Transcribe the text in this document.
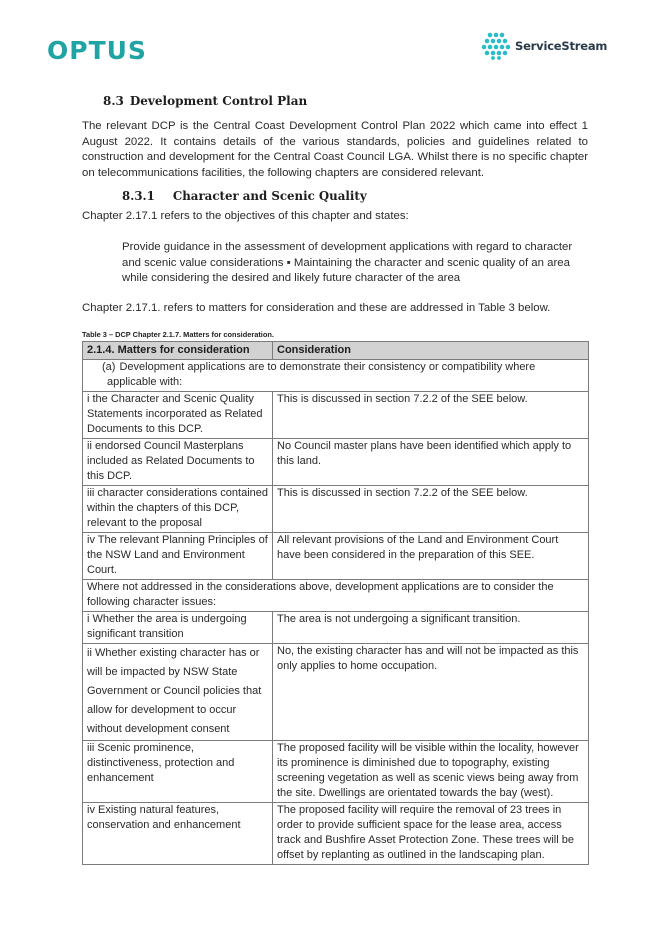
OPTUS	ServiceStream
8.3 Development Control Plan

The relevant DCP is the Central Coast Development Control Plan 2022 which came into effect 1 August 2022. It contains details of the various standards, policies and guidelines related to construction and development for the Central Coast Council LGA. Whilst there is no specific chapter on telecommunications facilities, the following chapters are considered relevant.

8.3.1 Character and Scenic Quality

Chapter 2.17.1 refers to the objectives of this chapter and states:

Provide guidance in the assessment of development applications with regard to character and scenic value considerations ▪ Maintaining the character and scenic quality of an area while considering the desired and likely future character of the area

Chapter 2.17.1. refers to matters for consideration and these are addressed in Table 3 below.

Table 3 – DCP Chapter 2.1.7. Matters for consideration.
2.1.4. Matters for consideration	Consideration
(a) Development applications are to demonstrate their consistency or compatibility where applicable with:	
i the Character and Scenic Quality Statements incorporated as Related Documents to this DCP.	This is discussed in section 7.2.2 of the SEE below.
ii endorsed Council Masterplans included as Related Documents to this DCP.	No Council master plans have been identified which apply to this land.
iii character considerations contained within the chapters of this DCP, relevant to the proposal	This is discussed in section 7.2.2 of the SEE below.
iv The relevant Planning Principles of the NSW Land and Environment Court.	All relevant provisions of the Land and Environment Court have been considered in the preparation of this SEE.
Where not addressed in the considerations above, development applications are to consider the following character issues:	
i Whether the area is undergoing significant transition	The area is not undergoing a significant transition.
ii Whether existing character has or will be impacted by NSW State Government or Council policies that allow for development to occur without development consent	No, the existing character has and will not be impacted as this only applies to home occupation.
iii Scenic prominence, distinctiveness, protection and enhancement	The proposed facility will be visible within the locality, however its prominence is diminished due to topography, existing screening vegetation as well as scenic views being away from the site. Dwellings are orientated towards the bay (west).
iv Existing natural features, conservation and enhancement	The proposed facility will require the removal of 23 trees in order to provide sufficient space for the lease area, access track and Bushfire Asset Protection Zone. These trees will be offset by replanting as outlined in the landscaping plan.
